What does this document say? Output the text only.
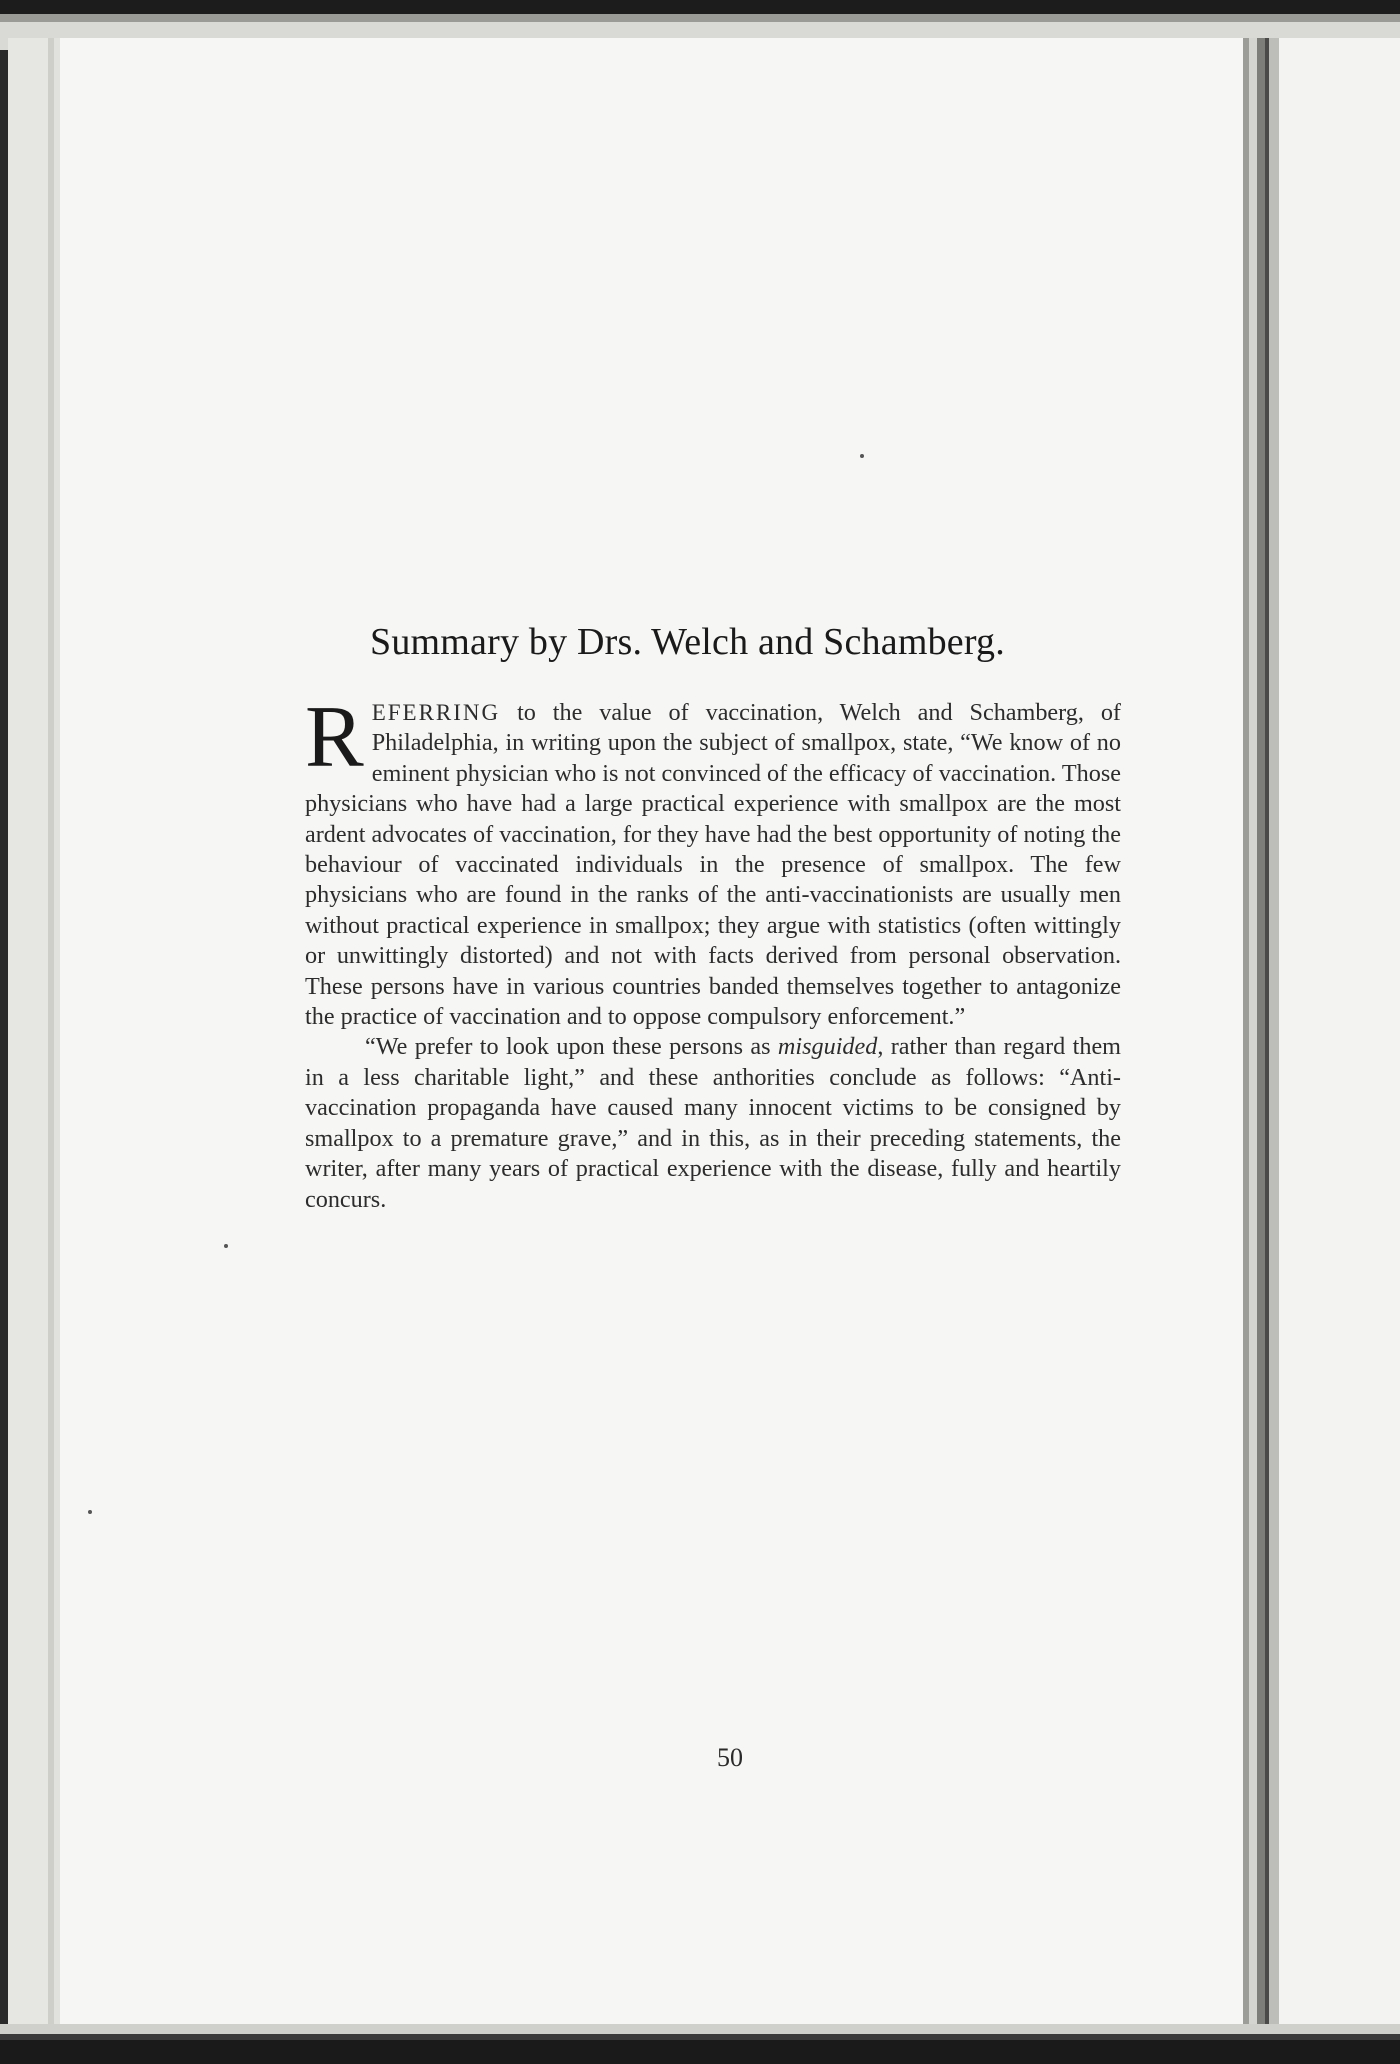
Summary by Drs. Welch and Schamberg.

REFERRING to the value of vaccination, Welch and Schamberg, of Philadelphia, in writing upon the subject of smallpox, state, “We know of no eminent physician who is not convinced of the efficacy of vaccination. Those physicians who have had a large practical experience with smallpox are the most ardent advocates of vaccination, for they have had the best opportunity of noting the behaviour of vaccinated individuals in the presence of smallpox. The few physicians who are found in the ranks of the anti-vaccinationists are usually men without practical experience in smallpox; they argue with statistics (often wittingly or unwittingly distorted) and not with facts derived from personal observation. These persons have in various countries banded themselves together to antagonize the practice of vaccination and to oppose compulsory enforcement.”

“We prefer to look upon these persons as misguided, rather than regard them in a less charitable light,” and these anthorities conclude as follows: “Anti-vaccination propaganda have caused many innocent victims to be consigned by smallpox to a premature grave,” and in this, as in their preceding statements, the writer, after many years of practical experience with the disease, fully and heartily concurs.

50
